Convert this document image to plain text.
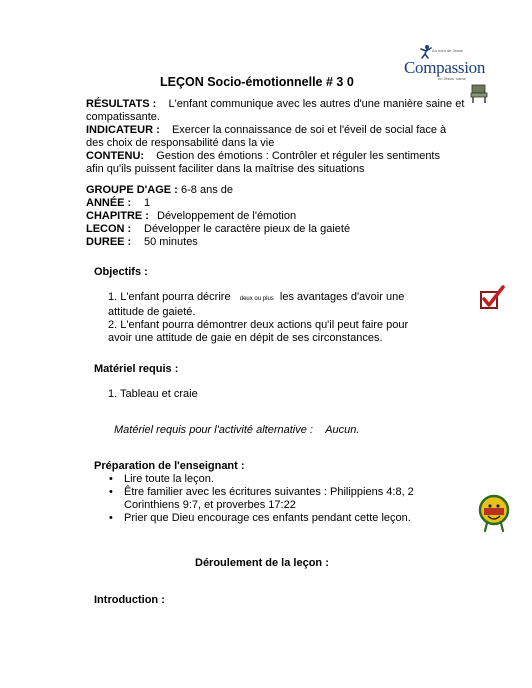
Au nom de Jésus
Compassion
en Jésus' name
LEÇON Socio-émotionnelle # 3 0
RÉSULTATS : L'enfant communique avec les autres d'une manière saine et
compatissante.
INDICATEUR : Exercer la connaissance de soi et l'éveil de social face à
des choix de responsabilité dans la vie
CONTENU: Gestion des émotions : Contrôler et réguler les sentiments
afin qu'ils puissent faciliter dans la maîtrise des situations
GROUPE D'AGE : 6-8 ans de
ANNÉE : 1
CHAPITRE : Développement de l'émotion
LECON : Développer le caractère pieux de la gaieté
DUREE : 50 minutes
Objectifs :
1. L'enfant pourra décrire deux ou plus les avantages d'avoir une
attitude de gaieté.
2. L'enfant pourra démontrer deux actions qu'il peut faire pour
avoir une attitude de gaie en dépit de ses circonstances.
Matériel requis :
1. Tableau et craie
Matériel requis pour l'activité alternative : Aucun.
Préparation de l'enseignant :
• Lire toute la leçon.
• Être familier avec les écritures suivantes : Philippiens 4:8, 2
Corinthiens 9:7, et proverbes 17:22
• Prier que Dieu encourage ces enfants pendant cette leçon.
Déroulement de la leçon :
Introduction :
